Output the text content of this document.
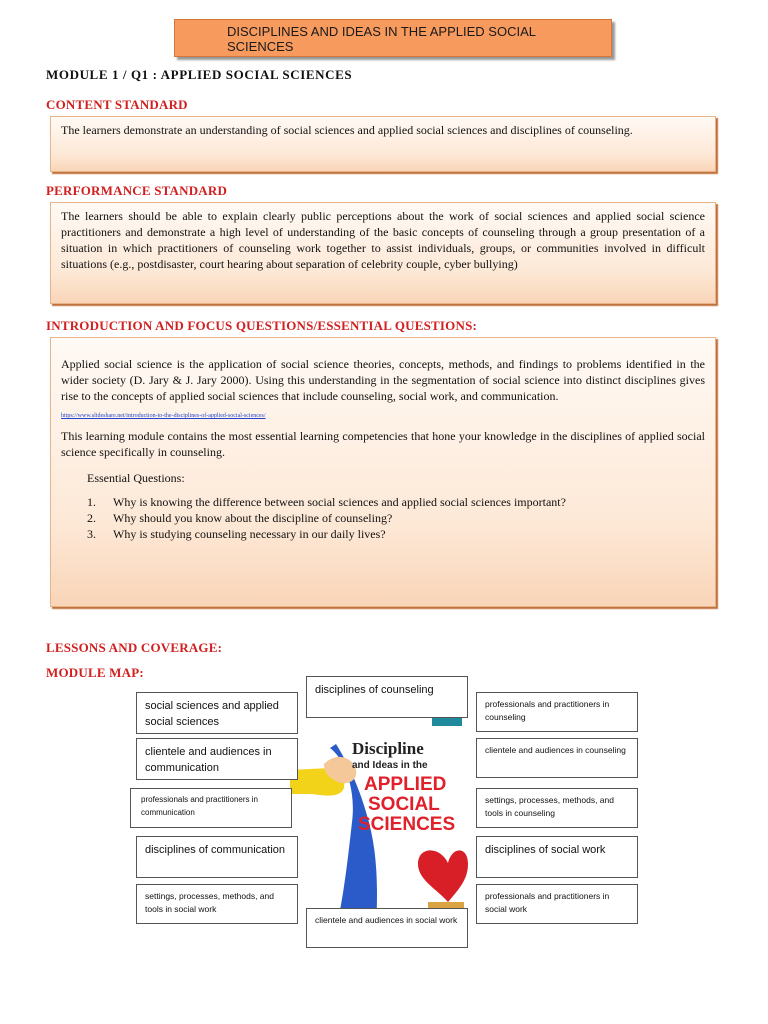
DISCIPLINES AND IDEAS IN THE APPLIED SOCIAL SCIENCES
MODULE 1 / Q1 : APPLIED SOCIAL SCIENCES
CONTENT STANDARD

The learners demonstrate an understanding of social sciences and applied social sciences and disciplines of counseling.

PERFORMANCE STANDARD

The learners should be able to explain clearly public perceptions about the work of social sciences and applied social science practitioners and demonstrate a high level of understanding of the basic concepts of counseling through a group presentation of a situation in which practitioners of counseling work together to assist individuals, groups, or communities involved in difficult situations (e.g., postdisaster, court hearing about separation of celebrity couple, cyber bullying)

INTRODUCTION AND FOCUS QUESTIONS/ESSENTIAL QUESTIONS:

Applied social science is the application of social science theories, concepts, methods, and findings to problems identified in the wider society (D. Jary & J. Jary 2000). Using this understanding in the segmentation of social science into distinct disciplines gives rise to the concepts of applied social sciences that include counseling, social work, and communication.

https://www.slideshare.net/introduction-to-the-disciplines-of-applied-social-sciences/

This learning module contains the most essential learning competencies that hone your knowledge in the disciplines of applied social science specifically in counseling.

Essential Questions:

1.	Why is knowing the difference between social sciences and applied social sciences important?
2.	Why should you know about the discipline of counseling?
3.	Why is studying counseling necessary in our daily lives?
LESSONS AND COVERAGE:
MODULE MAP:
Discipline
and Ideas in the
APPLIED
SOCIAL
SCIENCES
disciplines of counseling
clientele and audiences in social work
social sciences and applied social sciences
clientele and audiences in communication
professionals and practitioners in communication
disciplines of communication
settings, processes, methods, and tools in social work
professionals and practitioners in counseling
clientele and audiences in counseling
settings, processes, methods, and tools in counseling
disciplines of social work
professionals and practitioners in social work
